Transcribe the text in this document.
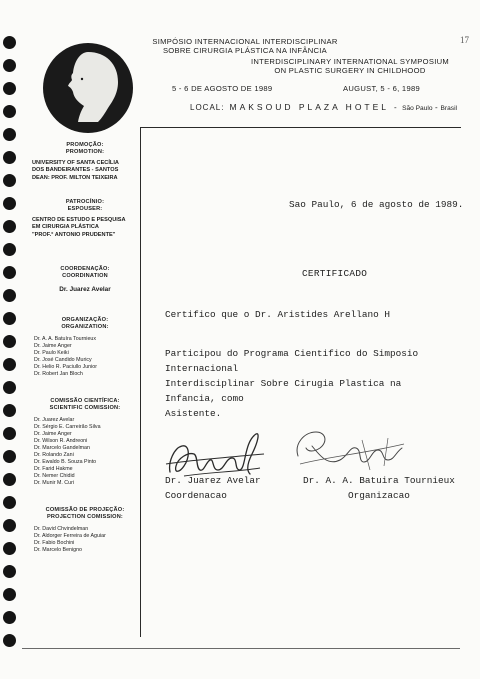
17
SIMPÓSIO INTERNACIONAL INTERDISCIPLINAR
SOBRE CIRURGIA PLÁSTICA NA INFÂNCIA
INTERDISCIPLINARY INTERNATIONAL SYMPOSIUM
ON PLASTIC SURGERY IN CHILDHOOD
5 - 6 DE AGOSTO DE 1989	AUGUST, 5 - 6, 1989
LOCAL: MAKSOUD PLAZA HOTEL  -  São Paulo - Brasil
PROMOÇÃO:
PROMOTION:
UNIVERSITY OF SANTA CECÍLIA
DOS BANDEIRANTES - SANTOS
DEAN: PROF. MILTON TEIXEIRA
PATROCÍNIO:
ESPOUSER:
CENTRO DE ESTUDO E PESQUISA
EM CIRURGIA PLÁSTICA
"PROF.° ANTONIO PRUDENTE"
COORDENAÇÃO:
COORDINATION
Dr. Juarez Avelar
ORGANIZAÇÃO:
ORGANIZATION:
Dr. A. A. Batuíra Tournieux
Dr. Jaime Anger
Dr. Paulo Keiki
Dr. José Candido Muricy
Dr. Helio R. Paciullo Junior
Dr. Robert Jan Bloch
COMISSÃO CIENTÍFICA:
SCIENTIFIC COMISSION:
Dr. Juarez Avelar
Dr. Sérgio E. Carreirão Silva
Dr. Jaime Anger
Dr. Wilson R. Andreoni
Dr. Marcelo Gandelman
Dr. Rolando Zani
Dr. Ewaldo B. Souza Pinto
Dr. Farid Hakme
Dr. Nemer Chidid
Dr. Munir M. Curi
COMISSÃO DE PROJEÇÃO:
PROJECTION COMISSION:
Dr. David Chvindelman
Dr. Aldorger Ferreira de Aguiar
Dr. Fabio Bochini
Dr. Marcelo Benigno
Sao Paulo, 6 de agosto de 1989.
CERTIFICADO
Certifico que o Dr. Aristides Arellano H
Participou do Programa Cientifico do Simposio Internacional
Interdisciplinar Sobre Cirugia Plastica na Infancia, como
Asistente.
Dr. Juarez Avelar
Coordenacao
Dr. A. A. Batuira Tournieux
Organizacao
